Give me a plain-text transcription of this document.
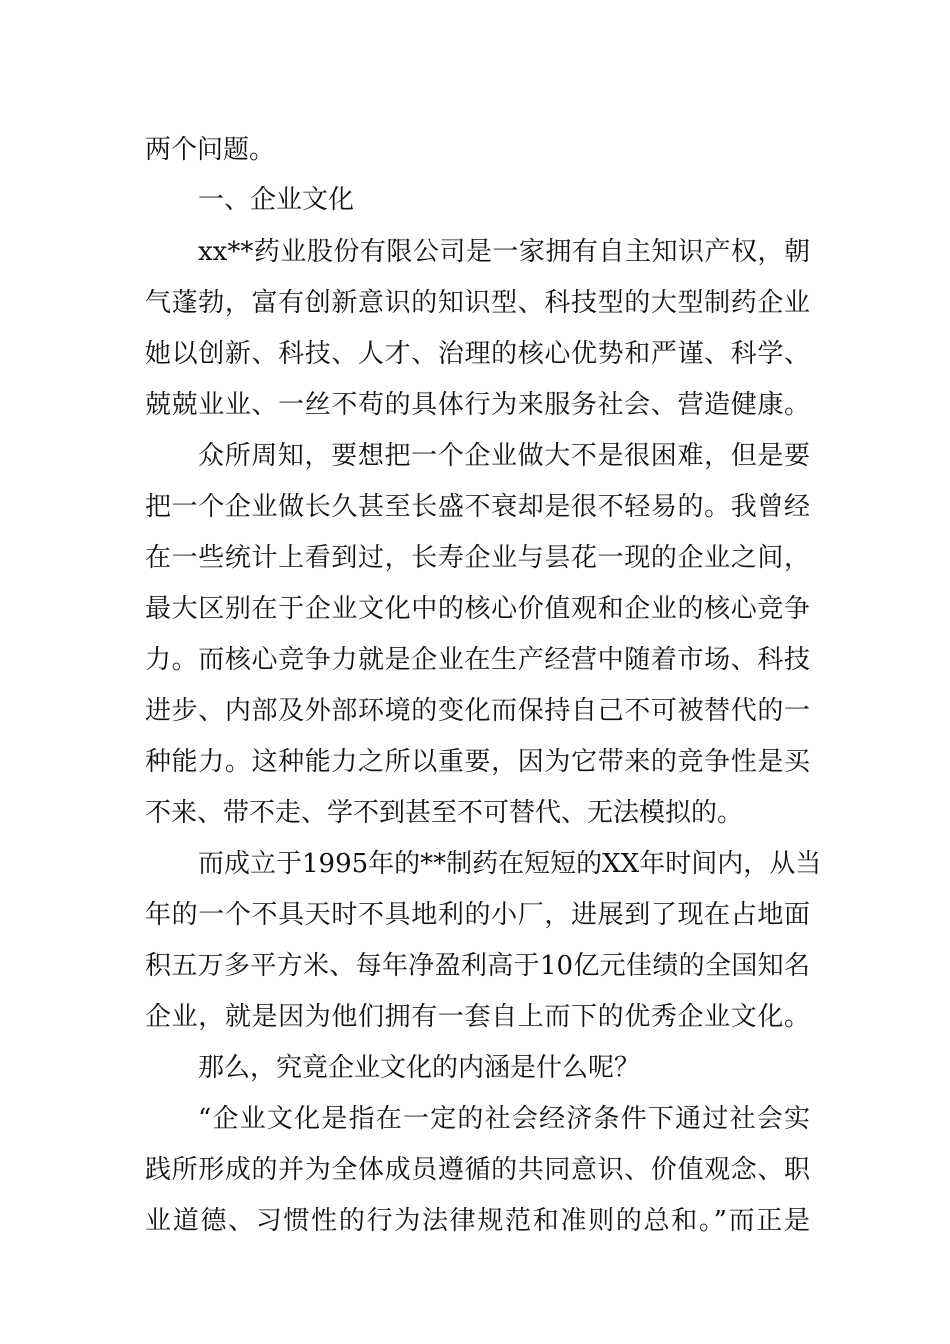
两个问题。
一、企业文化
xx**药业股份有限公司是一家拥有自主知识产权，朝
气蓬勃，富有创新意识的知识型、科技型的大型制药企业
她以创新、科技、人才、治理的核心优势和严谨、科学、
兢兢业业、一丝不苟的具体行为来服务社会、营造健康。
众所周知，要想把一个企业做大不是很困难，但是要
把一个企业做长久甚至长盛不衰却是很不轻易的。我曾经
在一些统计上看到过，长寿企业与昙花一现的企业之间，
最大区别在于企业文化中的核心价值观和企业的核心竞争
力。而核心竞争力就是企业在生产经营中随着市场、科技
进步、内部及外部环境的变化而保持自己不可被替代的一
种能力。这种能力之所以重要，因为它带来的竞争性是买
不来、带不走、学不到甚至不可替代、无法模拟的。
而成立于1995年的**制药在短短的XX年时间内，从当
年的一个不具天时不具地利的小厂，进展到了现在占地面
积五万多平方米、每年净盈利高于10亿元佳绩的全国知名
企业，就是因为他们拥有一套自上而下的优秀企业文化。
那么，究竟企业文化的内涵是什么呢？
“企业文化是指在一定的社会经济条件下通过社会实
践所形成的并为全体成员遵循的共同意识、价值观念、职
业道德、习惯性的行为法律规范和准则的总和。”而正是
